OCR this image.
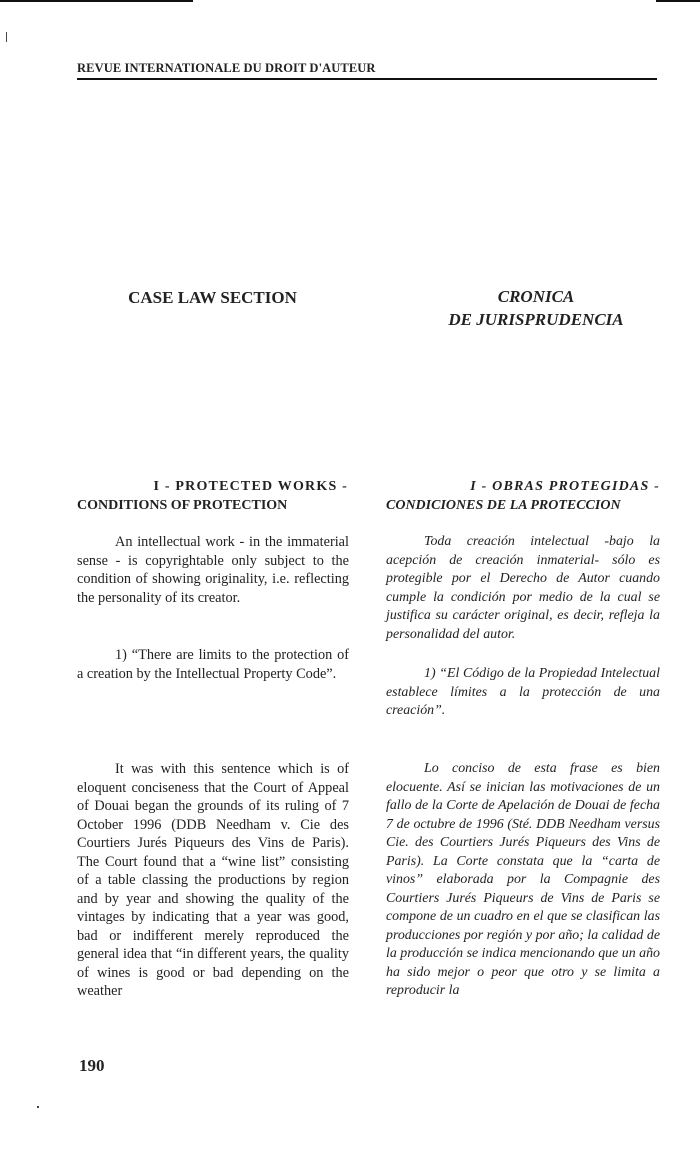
REVUE INTERNATIONALE DU DROIT D'AUTEUR
CASE LAW SECTION	CRONICA
DE JURISPRUDENCIA
I - PROTECTED WORKS -
CONDITIONS OF PROTECTION
I - OBRAS PROTEGIDAS -
CONDICIONES DE LA PROTECCION

An intellectual work - in the immaterial sense - is copyrightable only subject to the condition of showing originality, i.e. reflecting the personality of its creator.

1) “There are limits to the protection of a creation by the Intellectual Property Code”.

It was with this sentence which is of eloquent conciseness that the Court of Appeal of Douai began the grounds of its ruling of 7 October 1996 (DDB Needham v. Cie des Courtiers Jurés Piqueurs des Vins de Paris). The Court found that a “wine list” consisting of a table classing the productions by region and by year and showing the quality of the vintages by indicating that a year was good, bad or indifferent merely reproduced the general idea that “in different years, the quality of wines is good or bad depending on the weather

Toda creación intelectual -bajo la acepción de creación inmaterial- sólo es protegible por el Derecho de Autor cuando cumple la condición por medio de la cual se justifica su carácter original, es decir, refleja la personalidad del autor.

1) “El Código de la Propiedad Intelectual establece límites a la protección de una creación”.

Lo conciso de esta frase es bien elocuente. Así se inician las motivaciones de un fallo de la Corte de Apelación de Douai de fecha 7 de octubre de 1996 (Sté. DDB Needham versus Cie. des Courtiers Jurés Piqueurs des Vins de Paris). La Corte constata que la “carta de vinos” elaborada por la Compagnie des Courtiers Jurés Piqueurs de Vins de Paris se compone de un cuadro en el que se clasifican las producciones por región y por año; la calidad de la producción se indica mencionando que un año ha sido mejor o peor que otro y se limita a reproducir la

190
